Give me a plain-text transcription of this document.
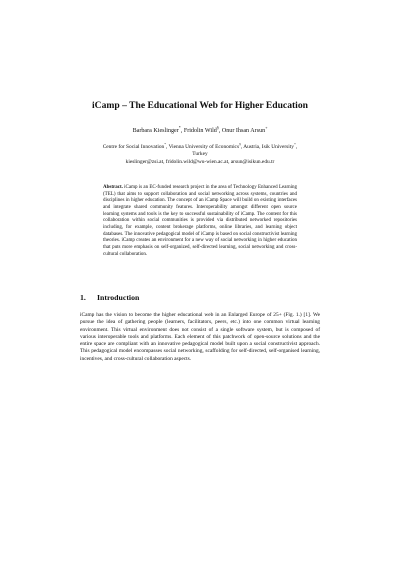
iCamp – The Educational Web for Higher Education
Barbara Kieslinger*, Fridolin Wild§, Onur Ihsan Arsun+
Centre for Social Innovation*, Vienna University of Economics§, Austria, Isik University+,
Turkey
kieslinger@zsi.at, fridolin.wild@wu-wien.ac.at, arsun@isikun.edu.tr
Abstract. iCamp is an EC-funded research project in the area of Technology Enhanced Learning (TEL) that aims to support collaboration and social networking across systems, countries and disciplines in higher education. The concept of an iCamp Space will build on existing interfaces and integrate shared community features. Interoperability amongst different open source learning systems and tools is the key to successful sustainability of iCamp. The content for this collaboration within social communities is provided via distributed networked repositories including, for example, content brokerage platforms, online libraries, and learning object databases. The innovative pedagogical model of iCamp is based on social constructivist learning theories. iCamp creates an environment for a new way of social networking in higher education that puts more emphasis on self-organized, self-directed learning, social networking and cross-cultural collaboration.
1. Introduction
iCamp has the vision to become the higher educational web in an Enlarged Europe of 25+ (Fig. 1.) [1]. We pursue the idea of gathering people (learners, facilitators, peers, etc.) into one common virtual learning environment. This virtual environment does not consist of a single software system, but is composed of various interoperable tools and platforms. Each element of this patchwork of open-source solutions and the entire space are compliant with an innovative pedagogical model built upon a social constructivist approach. This pedagogical model encompasses social networking, scaffolding for self-directed, self-organised learning, incentives, and cross-cultural collaboration aspects.
